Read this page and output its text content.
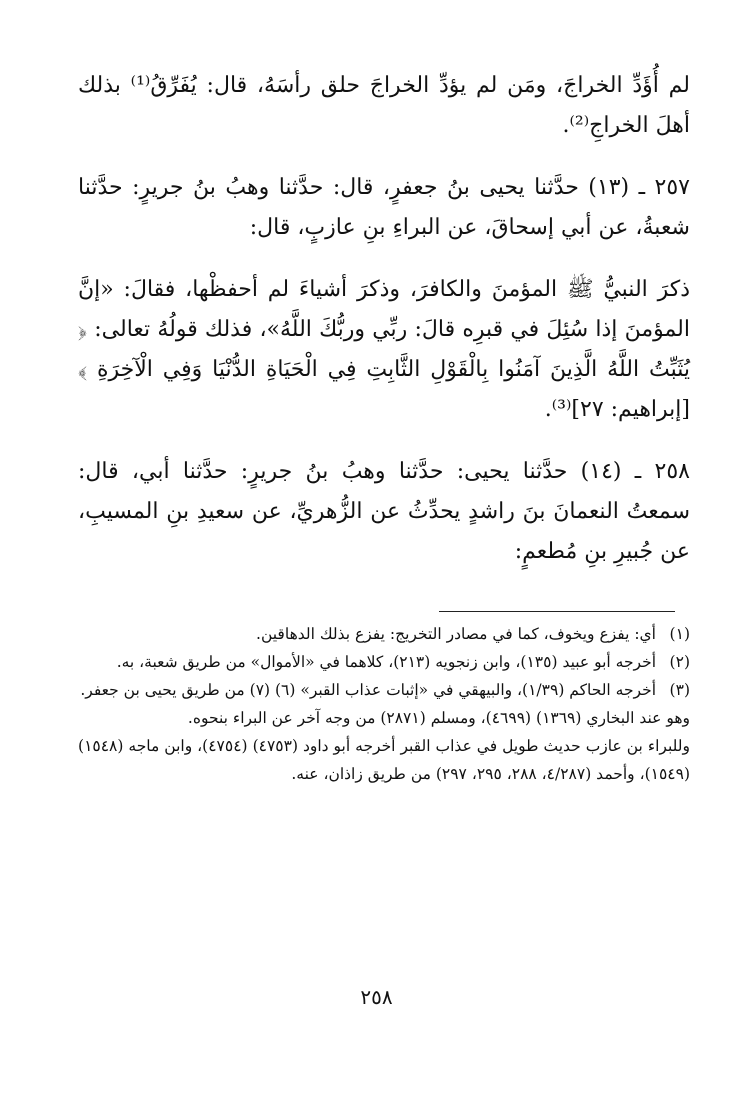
لم أُؤَدِّ الخراجَ، ومَن لم يؤدِّ الخراجَ حلق رأسَهُ، قال: يُفَرِّقُ⁽¹⁾ بذلك أهلَ الخراجِ⁽²⁾.

٢٥٧ ـ (١٣) حدَّثنا يحيى بنُ جعفرٍ، قال: حدَّثنا وهبُ بنُ جريرٍ: حدَّثنا شعبةُ، عن أبي إسحاقَ، عن البراءِ بنِ عازبٍ، قال:

ذكرَ النبيُّ ﷺ المؤمنَ والكافرَ، وذكرَ أشياءَ لم أحفظْها، فقالَ: «إنَّ المؤمنَ إذا سُئِلَ في قبرِه قالَ: ربِّي وربُّكَ اللَّهُ»، فذلك قولُهُ تعالى: ﴿ يُثَبِّتُ اللَّهُ الَّذِينَ آمَنُوا بِالْقَوْلِ الثَّابِتِ فِي الْحَيَاةِ الدُّنْيَا وَفِي الْآخِرَةِ ﴾ [إبراهيم: ٢٧]⁽³⁾.

٢٥٨ ـ (١٤) حدَّثنا يحيى: حدَّثنا وهبُ بنُ جريرٍ: حدَّثنا أبي، قال: سمعتُ النعمانَ بنَ راشدٍ يحدِّثُ عن الزُّهريِّ، عن سعيدِ بنِ المسيبِ، عن جُبيرِ بنِ مُطعمٍ:

(١)
أي: يفزع ويخوف، كما في مصادر التخريج: يفزع بذلك الدهاقين.
(٢)
أخرجه أبو عبيد (١٣٥)، وابن زنجويه (٢١٣)، كلاهما في «الأموال» من طريق شعبة، به.
(٣)
أخرجه الحاكم (١/٣٩)، والبيهقي في «إثبات عذاب القبر» (٦) (٧) من طريق يحيى بن جعفر.

وهو عند البخاري (١٣٦٩) (٤٦٩٩)، ومسلم (٢٨٧١) من وجه آخر عن البراء بنحوه.

وللبراء بن عازب حديث طويل في عذاب القبر أخرجه أبو داود (٤٧٥٣) (٤٧٥٤)، وابن ماجه (١٥٤٨) (١٥٤٩)، وأحمد (٤/٢٨٧، ٢٨٨، ٢٩٥، ٢٩٧) من طريق زاذان، عنه.

٢٥٨
